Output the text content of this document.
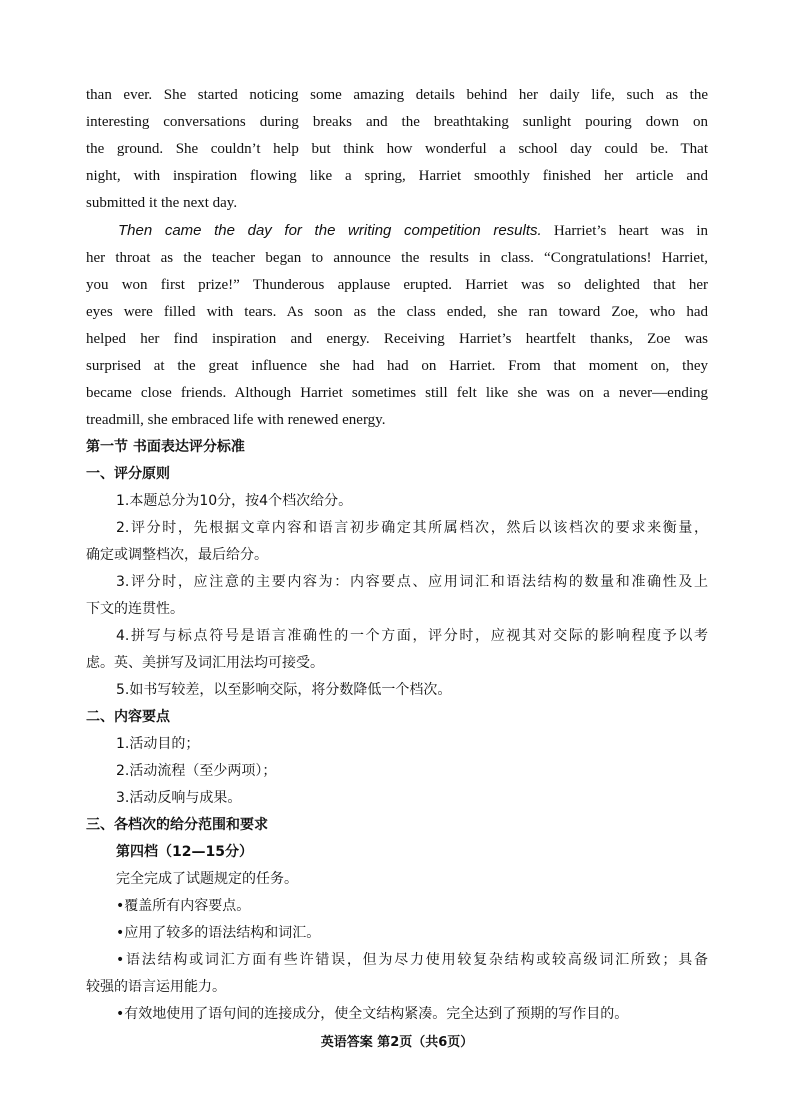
than ever. She started noticing some amazing details behind her daily life, such as the
interesting conversations during breaks and the breathtaking sunlight pouring down on
the ground. She couldn’t help but think how wonderful a school day could be. That
night, with inspiration flowing like a spring, Harriet smoothly finished her article and
submitted it the next day.
Then came the day for the writing competition results. Harriet’s heart was in
her throat as the teacher began to announce the results in class. “Congratulations! Harriet,
you won first prize!” Thunderous applause erupted. Harriet was so delighted that her
eyes were filled with tears. As soon as the class ended, she ran toward Zoe, who had
helped her find inspiration and energy. Receiving Harriet’s heartfelt thanks, Zoe was
surprised at the great influence she had had on Harriet. From that moment on, they
became close friends. Although Harriet sometimes still felt like she was on a never—ending
treadmill, she embraced life with renewed energy.
第一节 书面表达评分标准
一、评分原则
1.本题总分为10分，按4个档次给分。
2.评分时，先根据文章内容和语言初步确定其所属档次，然后以该档次的要求来衡量，
确定或调整档次，最后给分。
3.评分时，应注意的主要内容为：内容要点、应用词汇和语法结构的数量和准确性及上
下文的连贯性。
4.拼写与标点符号是语言准确性的一个方面，评分时，应视其对交际的影响程度予以考
虑。英、美拼写及词汇用法均可接受。
5.如书写较差，以至影响交际，将分数降低一个档次。
二、内容要点
1.活动目的；
2.活动流程（至少两项）；
3.活动反响与成果。
三、各档次的给分范围和要求
第四档（12—15分）
完全完成了试题规定的任务。
•覆盖所有内容要点。
•应用了较多的语法结构和词汇。
•语法结构或词汇方面有些许错误，但为尽力使用较复杂结构或较高级词汇所致；具备
较强的语言运用能力。
•有效地使用了语句间的连接成分，使全文结构紧凑。完全达到了预期的写作目的。
英语答案 第2页（共6页）
